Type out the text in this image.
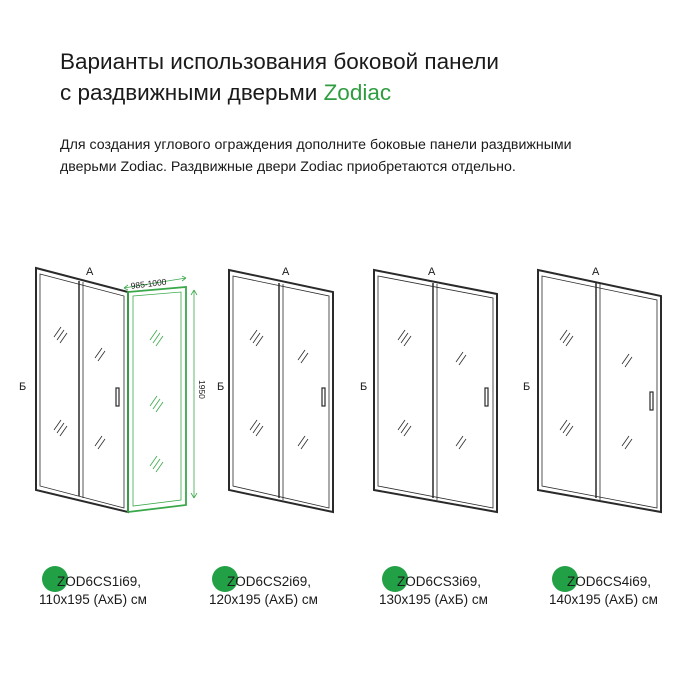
Варианты использования боковой панели
с раздвижными дверьми Zodiac

Для создания углового ограждения дополните боковые панели раздвижными
дверьми Zodiac. Раздвижные двери Zodiac приобретаются отдельно.

А
Б
А
Б
А
Б
А
Б
985-1000
1950
ZOD6CS1i69,
110x195 (АхБ) см
ZOD6CS2i69,
120x195 (АхБ) см
ZOD6CS3i69,
130x195 (АхБ) см
ZOD6CS4i69,
140x195 (АхБ) см
